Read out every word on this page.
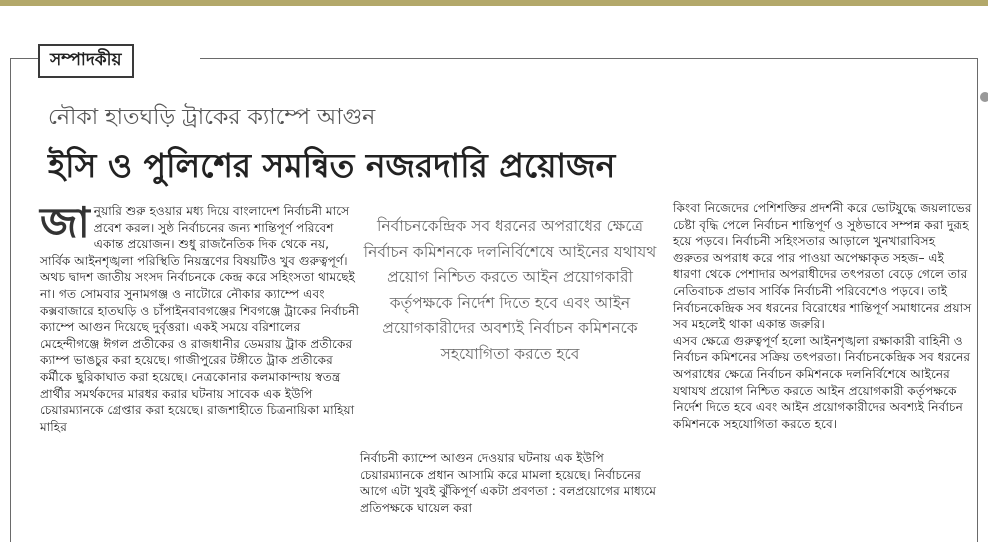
সম্পাদকীয়
নৌকা হাতঘড়ি ট্রাকের ক্যাম্পে আগুন
ইসি ও পুলিশের সমন্বিত নজরদারি প্রয়োজন
জা নুয়ারি শুরু হওয়ার মধ্য দিয়ে বাংলাদেশ নির্বাচনী মাসে প্রবেশ করল। সুষ্ঠ নির্বাচনের জন্য শান্তিপূর্ণ পরিবেশ একান্ত প্রয়োজন। শুধু রাজনৈতিক দিক থেকে নয়, সার্বিক আইনশৃঙ্খলা পরিস্থিতি নিয়ন্ত্রণের বিষয়টিও খুব গুরুত্বপূর্ণ।

অথচ দ্বাদশ জাতীয় সংসদ নির্বাচনকে কেন্দ্র করে সহিংসতা থামছেই না। গত সোমবার সুনামগঞ্জ ও নাটোরে নৌকার ক্যাম্পে এবং কক্সবাজারে হাতঘড়ি ও চাঁপাইনবাবগঞ্জের শিবগঞ্জে ট্রাকের নির্বাচনী ক্যাম্পে আগুন দিয়েছে দুর্বৃত্তরা। একই সময়ে বরিশালের মেহেন্দীগঞ্জে ঈগল প্রতীকের ও রাজধানীর ডেমরায় ট্রাক প্রতীকের ক্যাম্প ভাঙচুর করা হয়েছে। গাজীপুরের টঙ্গীতে ট্রাক প্রতীকের কর্মীকে ছুরিকাঘাত করা হয়েছে। নেত্রকোনার কলমাকান্দায় স্বতন্ত্র প্রার্থীর সমর্থকদের মারধর করার ঘটনায় সাবেক এক ইউপি চেয়ারম্যানকে গ্রেপ্তার করা হয়েছে। রাজশাহীতে চিত্রনায়িকা মাহিয়া মাহির

নির্বাচনকেন্দ্রিক সব ধরনের অপরাধের ক্ষেত্রে নির্বাচন কমিশনকে দলনির্বিশেষে আইনের যথাযথ প্রয়োগ নিশ্চিত করতে আইন প্রয়োগকারী কর্তৃপক্ষকে নির্দেশ দিতে হবে এবং আইন প্রয়োগকারীদের অবশ্যই নির্বাচন কমিশনকে সহযোগিতা করতে হবে

নির্বাচনী ক্যাম্পে আগুন দেওয়ার ঘটনায় এক ইউপি চেয়ারম্যানকে প্রধান আসামি করে মামলা হয়েছে। নির্বাচনের আগে এটা খুবই ঝুঁকিপূর্ণ একটা প্রবণতা : বলপ্রয়োগের মাধ্যমে প্রতিপক্ষকে ঘায়েল করা

কিংবা নিজেদের পেশিশক্তির প্রদর্শনী করে ভোটযুদ্ধে জয়লাভের চেষ্টা বৃদ্ধি পেলে নির্বাচন শান্তিপূর্ণ ও সুষ্ঠভাবে সম্পন্ন করা দুরূহ হয়ে পড়বে। নির্বাচনী সহিংসতার আড়ালে খুনখারাবিসহ গুরুতর অপরাধ করে পার পাওয়া অপেক্ষাকৃত সহজ– এই ধারণা থেকে পেশাদার অপরাধীদের তৎপরতা বেড়ে গেলে তার নেতিবাচক প্রভাব সার্বিক নির্বাচনী পরিবেশেও পড়বে। তাই নির্বাচনকেন্দ্রিক সব ধরনের বিরোধের শান্তিপূর্ণ সমাধানের প্রয়াস সব মহলেই থাকা একান্ত জরুরি।

এসব ক্ষেত্রে গুরুত্বপূর্ণ হলো আইনশৃঙ্খলা রক্ষাকারী বাহিনী ও নির্বাচন কমিশনের সক্রিয় তৎপরতা। নির্বাচনকেন্দ্রিক সব ধরনের অপরাধের ক্ষেত্রে নির্বাচন কমিশনকে দলনির্বিশেষে আইনের যথাযথ প্রয়োগ নিশ্চিত করতে আইন প্রয়োগকারী কর্তৃপক্ষকে নির্দেশ দিতে হবে এবং আইন প্রয়োগকারীদের অবশ্যই নির্বাচন কমিশনকে সহযোগিতা করতে হবে।
